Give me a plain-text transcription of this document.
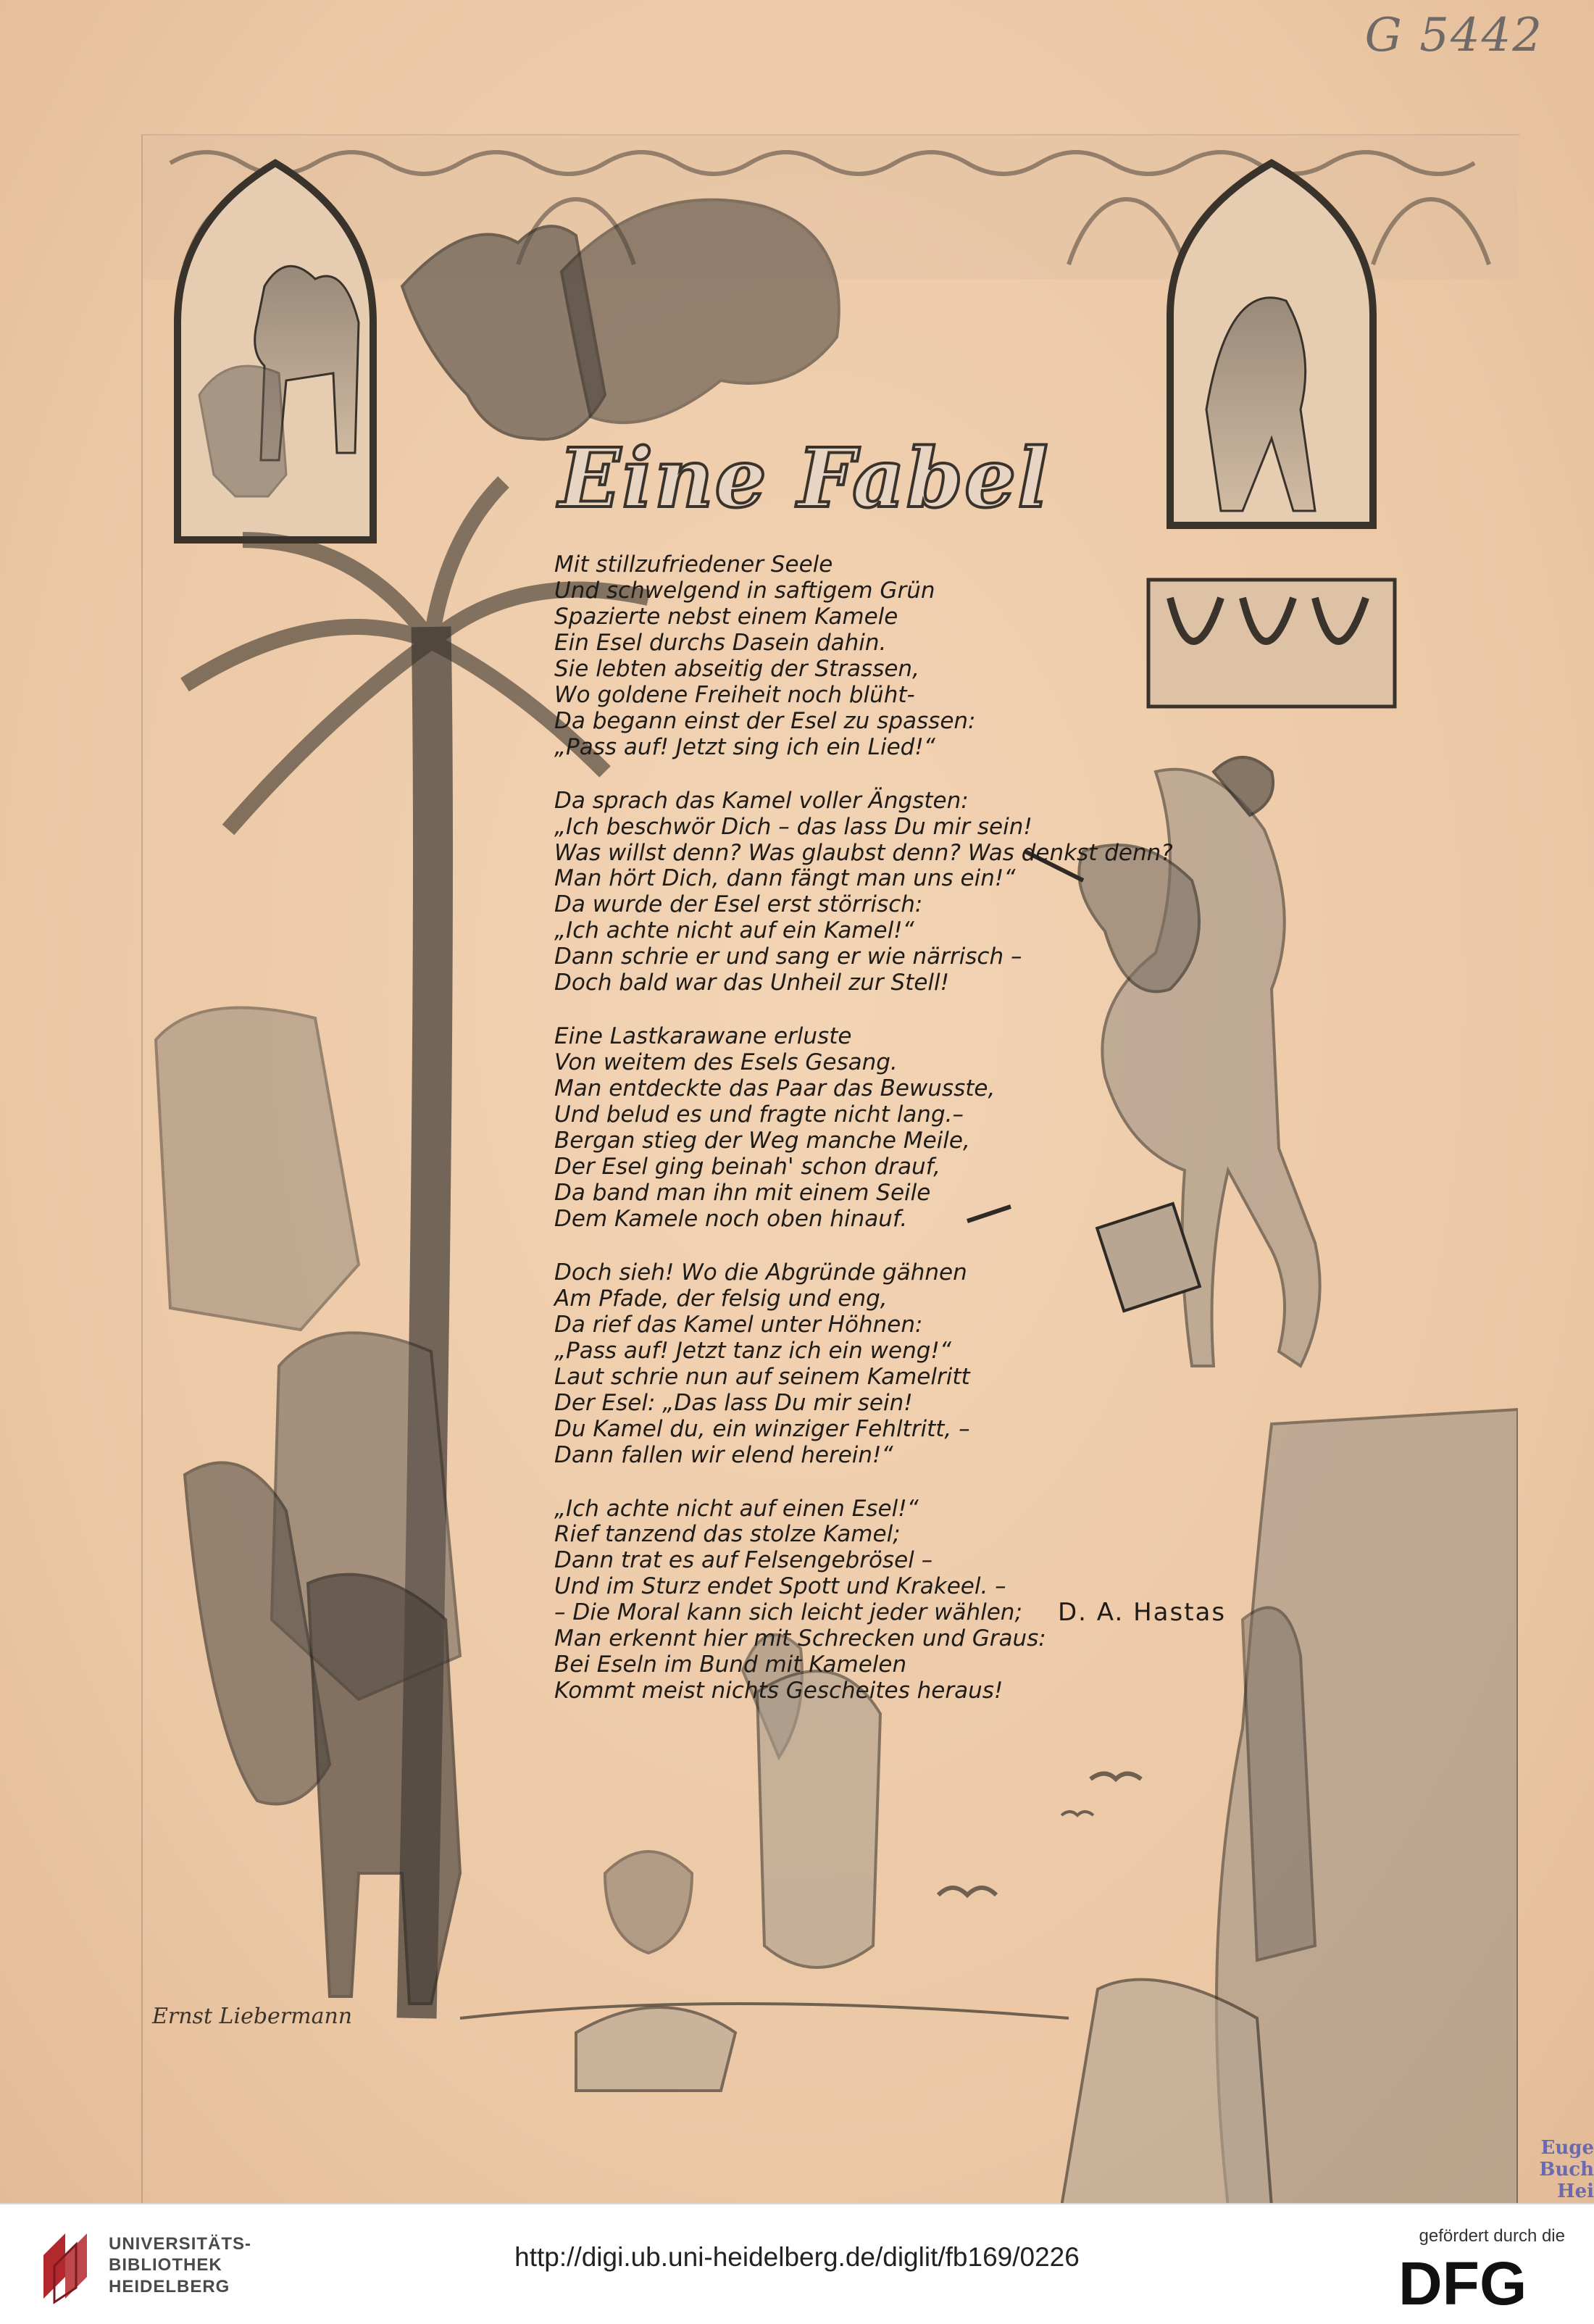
G 5442
Eine Fabel
Mit stillzufriedener Seele
Und schwelgend in saftigem Grün
Spazierte nebst einem Kamele
Ein Esel durchs Dasein dahin.
Sie lebten abseitig der Strassen,
Wo goldene Freiheit noch blüht-
Da begann einst der Esel zu spassen:
„Pass auf! Jetzt sing ich ein Lied!“
Da sprach das Kamel voller Ängsten:
„Ich beschwör Dich – das lass Du mir sein!
Was willst denn? Was glaubst denn? Was denkst denn?
Man hört Dich, dann fängt man uns ein!“
Da wurde der Esel erst störrisch:
„Ich achte nicht auf ein Kamel!“
Dann schrie er und sang er wie närrisch –
Doch bald war das Unheil zur Stell!
Eine Lastkarawane erluste
Von weitem des Esels Gesang.
Man entdeckte das Paar das Bewusste,
Und belud es und fragte nicht lang.–
Bergan stieg der Weg manche Meile,
Der Esel ging beinah' schon drauf,
Da band man ihn mit einem Seile
Dem Kamele noch oben hinauf.
Doch sieh! Wo die Abgründe gähnen
Am Pfade, der felsig und eng,
Da rief das Kamel unter Höhnen:
„Pass auf! Jetzt tanz ich ein weng!“
Laut schrie nun auf seinem Kamelritt
Der Esel: „Das lass Du mir sein!
Du Kamel du, ein winziger Fehltritt, –
Dann fallen wir elend herein!“
„Ich achte nicht auf einen Esel!“
Rief tanzend das stolze Kamel;
Dann trat es auf Felsengebrösel –
Und im Sturz endet Spott und Krakeel. –
– Die Moral kann sich leicht jeder wählen;
Man erkennt hier mit Schrecken und Graus:
Bei Eseln im Bund mit Kamelen
Kommt meist nichts Gescheites heraus!
D. A. Hastas
Ernst Liebermann
Euge
Buch
Hei
UNIVERSITÄTS-
BIBLIOTHEK
HEIDELBERG
http://digi.ub.uni-heidelberg.de/diglit/fb169/0226
gefördert durch die
DFG
